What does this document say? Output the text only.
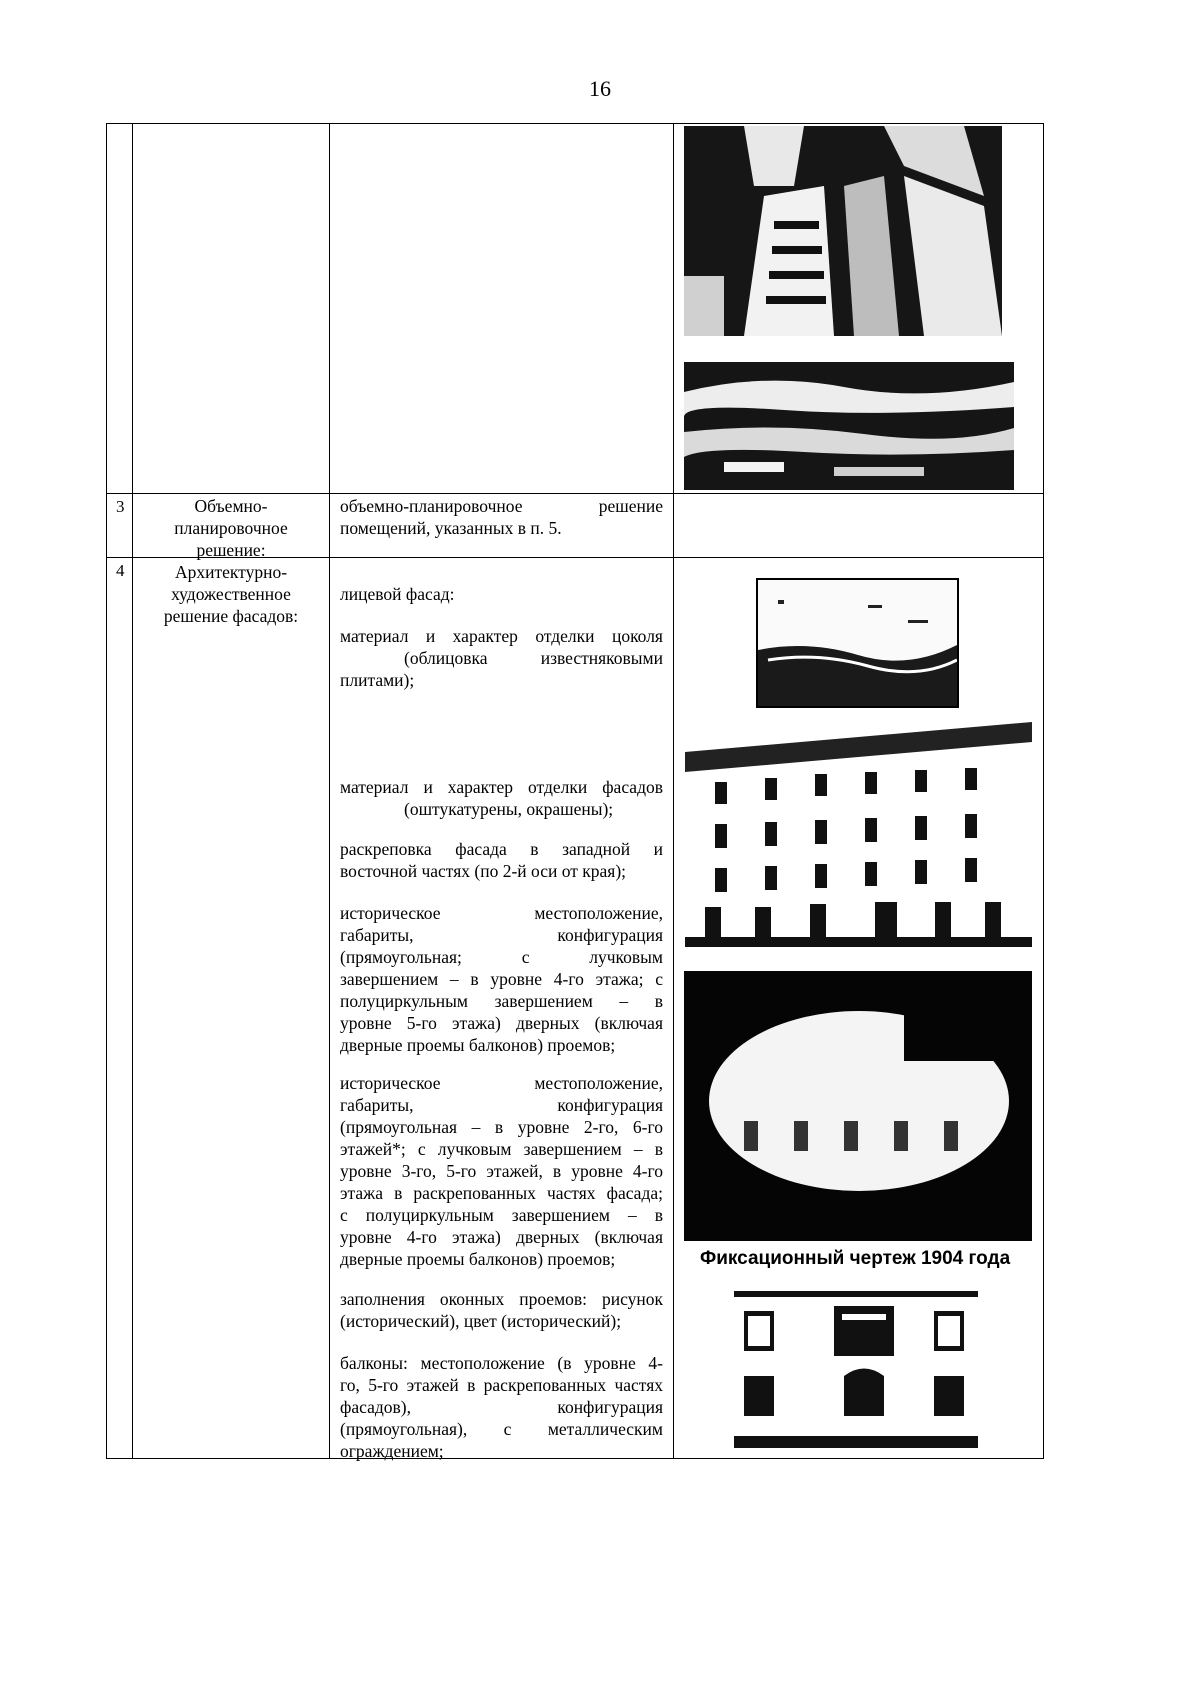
16
3	Объемно-
планировочное
решение:
объемно-планировочное решение
помещений, указанных в п. 5.
4	Архитектурно-
художественное
решение фасадов:
лицевой фасад:
материал и характер отделки цоколя
(облицовка известняковыми
плитами);
материал и характер отделки фасадов
(оштукатурены, окрашены);
раскреповка фасада в западной и
восточной частях (по 2-й оси от края);
историческое местоположение,
габариты, конфигурация
(прямоугольная; с лучковым
завершением – в уровне 4-го этажа; с
полуциркульным завершением – в
уровне 5-го этажа) дверных (включая
дверные проемы балконов) проемов;
историческое местоположение,
габариты, конфигурация
(прямоугольная – в уровне 2-го, 6-го
этажей*; с лучковым завершением – в
уровне 3-го, 5-го этажей, в уровне 4-го
этажа в раскрепованных частях фасада;
с полуциркульным завершением – в
уровне 4-го этажа) дверных (включая
дверные проемы балконов) проемов;
заполнения оконных проемов: рисунок
(исторический), цвет (исторический);
балконы: местоположение (в уровне 4-
го, 5-го этажей в раскрепованных частях
фасадов), конфигурация
(прямоугольная), с металлическим
ограждением;
Фиксационный чертеж 1904 года
